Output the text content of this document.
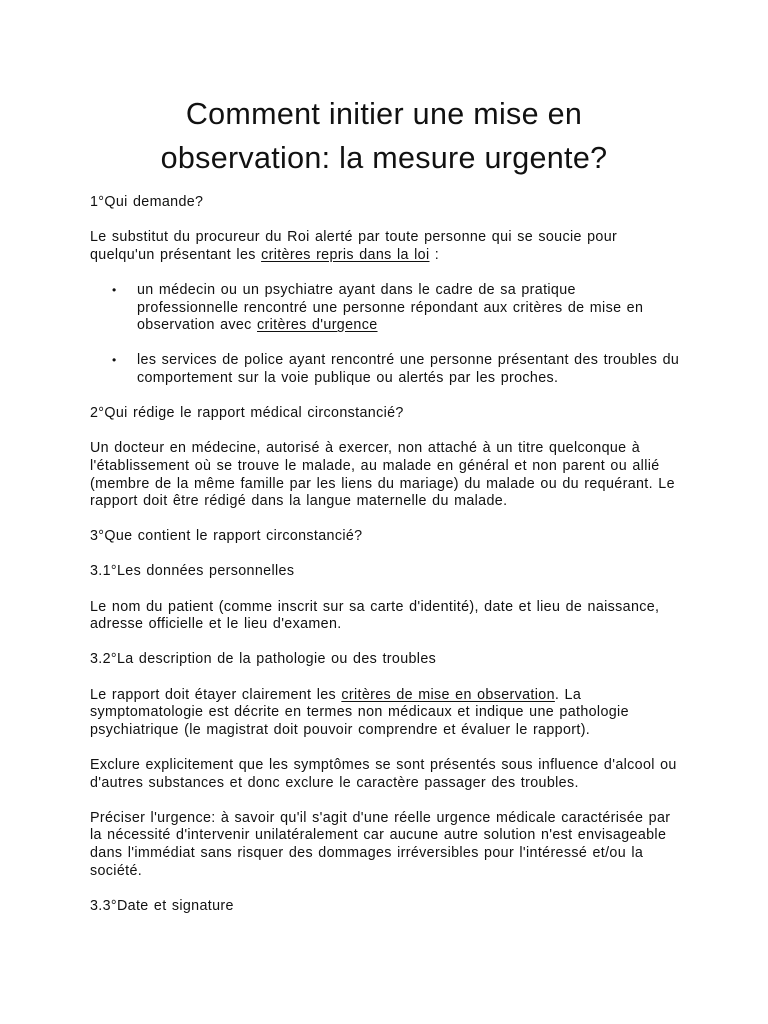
Comment initier une mise en
observation: la mesure urgente?

1°Qui demande?

Le substitut du procureur du Roi alerté par toute personne qui se soucie pour quelqu'un présentant les critères repris dans la loi :

• un médecin ou un psychiatre ayant dans le cadre de sa pratique professionnelle rencontré une personne répondant aux critères de mise en observation avec critères d'urgence
• les services de police ayant rencontré une personne présentant des troubles du comportement sur la voie publique ou alertés par les proches.

2°Qui rédige le rapport médical circonstancié?

Un docteur en médecine, autorisé à exercer, non attaché à un titre quelconque à l'établissement où se trouve le malade, au malade en général et non parent ou allié (membre de la même famille par les liens du mariage) du malade ou du requérant. Le rapport doit être rédigé dans la langue maternelle du malade.

3°Que contient le rapport circonstancié?

3.1°Les données personnelles

Le nom du patient (comme inscrit sur sa carte d'identité), date et lieu de naissance, adresse officielle et le lieu d'examen.

3.2°La description de la pathologie ou des troubles

Le rapport doit étayer clairement les critères de mise en observation. La symptomatologie est décrite en termes non médicaux et indique une pathologie psychiatrique (le magistrat doit pouvoir comprendre et évaluer le rapport).

Exclure explicitement que les symptômes se sont présentés sous influence d'alcool ou d'autres substances et donc exclure le caractère passager des troubles.

Préciser l'urgence: à savoir qu'il s'agit d'une réelle urgence médicale caractérisée par la nécessité d'intervenir unilatéralement car aucune autre solution n'est envisageable dans l'immédiat sans risquer des dommages irréversibles pour l'intéressé et/ou la société.

3.3°Date et signature
